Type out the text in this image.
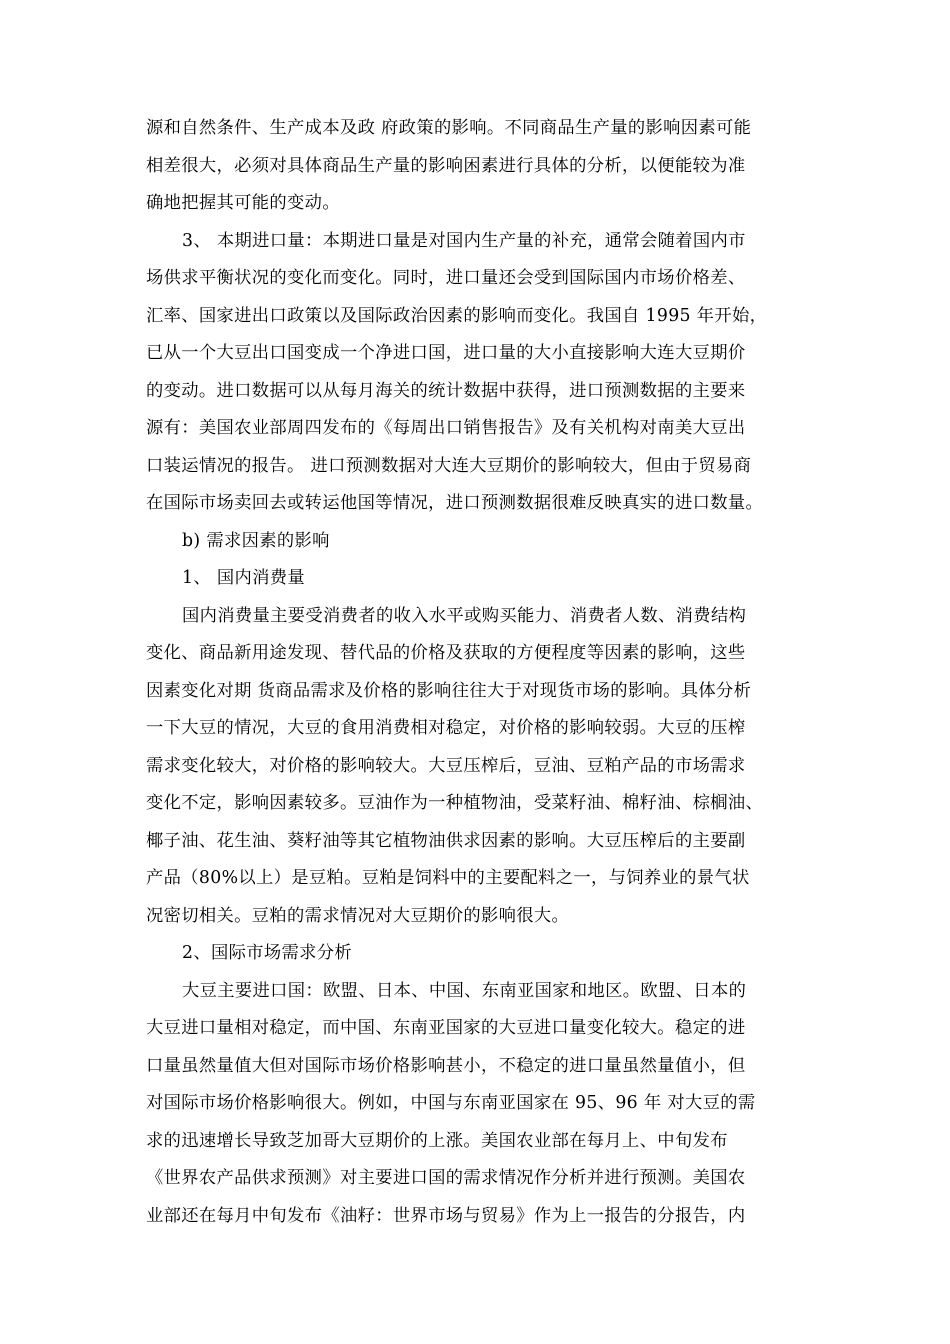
源和自然条件、生产成本及政 府政策的影响。不同商品生产量的影响因素可能
相差很大，必须对具体商品生产量的影响困素进行具体的分析，以便能较为准
确地把握其可能的变动。
3、 本期进口量：本期进口量是对国内生产量的补充，通常会随着国内市
场供求平衡状况的变化而变化。同时，进口量还会受到国际国内市场价格差、
汇率、国家进出口政策以及国际政治因素的影响而变化。我国自 1995 年开始，
已从一个大豆出口国变成一个净进口国，进口量的大小直接影响大连大豆期价
的变动。进口数据可以从每月海关的统计数据中获得，进口预测数据的主要来
源有：美国农业部周四发布的《每周出口销售报告》及有关机构对南美大豆出
口装运情况的报告。 进口预测数据对大连大豆期价的影响较大，但由于贸易商
在国际市场卖回去或转运他国等情况，进口预测数据很难反映真实的进口数量。
b) 需求因素的影响
1、 国内消费量
国内消费量主要受消费者的收入水平或购买能力、消费者人数、消费结构
变化、商品新用途发现、替代品的价格及获取的方便程度等因素的影响，这些
因素变化对期 货商品需求及价格的影响往往大于对现货市场的影响。具体分析
一下大豆的情况，大豆的食用消费相对稳定，对价格的影响较弱。大豆的压榨
需求变化较大，对价格的影响较大。大豆压榨后，豆油、豆粕产品的市场需求
变化不定，影响因素较多。豆油作为一种植物油，受菜籽油、棉籽油、棕榈油、
椰子油、花生油、葵籽油等其它植物油供求因素的影响。大豆压榨后的主要副
产品（80%以上）是豆粕。豆粕是饲料中的主要配料之一，与饲养业的景气状
况密切相关。豆粕的需求情况对大豆期价的影响很大。
2、国际市场需求分析
大豆主要进口国：欧盟、日本、中国、东南亚国家和地区。欧盟、日本的
大豆进口量相对稳定，而中国、东南亚国家的大豆进口量变化较大。稳定的进
口量虽然量值大但对国际市场价格影响甚小，不稳定的进口量虽然量值小，但
对国际市场价格影响很大。例如，中国与东南亚国家在 95、96 年 对大豆的需
求的迅速增长导致芝加哥大豆期价的上涨。美国农业部在每月上、中旬发布
《世界农产品供求预测》对主要进口国的需求情况作分析并进行预测。美国农
业部还在每月中旬发布《油籽：世界市场与贸易》作为上一报告的分报告，内
